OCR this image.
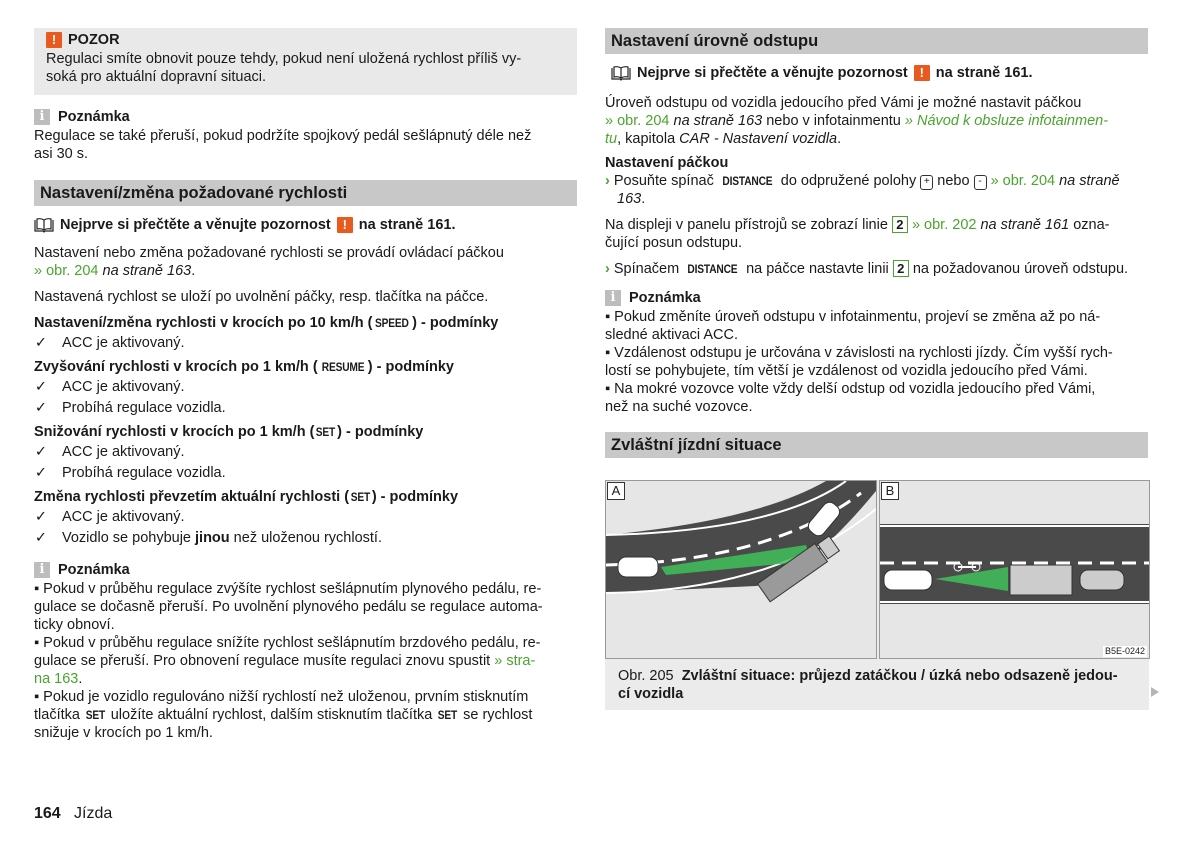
! POZOR

Regulaci smíte obnovit pouze tehdy, pokud není uložená rychlost příliš vy-

soká pro aktuální dopravní situaci.

i Poznámka

Regulace se také přeruší, pokud podržíte spojkový pedál sešlápnutý déle než

asi 30 s.

Nastavení/změna požadované rychlosti
Nejprve si přečtěte a věnujte pozornost ! na straně 161.

Nastavení nebo změna požadované rychlosti se provádí ovládací páčkou
» obr. 204 na straně 163.

Nastavená rychlost se uloží po uvolnění páčky, resp. tlačítka na páčce.

Nastavení/změna rychlosti v krocích po 10 km/h ( SPEED ) - podmínky

✓ ACC je aktivovaný.

Zvyšování rychlosti v krocích po 1 km/h ( RESUME ) - podmínky

✓ ACC je aktivovaný.
✓ Probíhá regulace vozidla.

Snižování rychlosti v krocích po 1 km/h ( SET ) - podmínky

✓ ACC je aktivovaný.
✓ Probíhá regulace vozidla.

Změna rychlosti převzetím aktuální rychlosti ( SET ) - podmínky

✓ ACC je aktivovaný.
✓ Vozidlo se pohybuje jinou než uloženou rychlostí.
i Poznámka

▪ Pokud v průběhu regulace zvýšíte rychlost sešlápnutím plynového pedálu, re-

gulace se dočasně přeruší. Po uvolnění plynového pedálu se regulace automa-

ticky obnoví.

▪ Pokud v průběhu regulace snížíte rychlost sešlápnutím brzdového pedálu, re-

gulace se přeruší. Pro obnovení regulace musíte regulaci znovu spustit » stra-

na 163.

▪ Pokud je vozidlo regulováno nižší rychlostí než uloženou, prvním stisknutím

tlačítka SET uložíte aktuální rychlost, dalším stisknutím tlačítka SET se rychlost

snižuje v krocích po 1 km/h.

Nastavení úrovně odstupu
Nejprve si přečtěte a věnujte pozornost ! na straně 161.

Úroveň odstupu od vozidla jedoucího před Vámi je možné nastavit páčkou
» obr. 204 na straně 163 nebo v infotainmentu » Návod k obsluze infotainmen-
tu, kapitola CAR - Nastavení vozidla.

Nastavení páčkou

› Posuňte spínač DISTANCE do odpružené polohy + nebo - » obr. 204 na straně
163.

Na displeji v panelu přístrojů se zobrazí linie 2 » obr. 202 na straně 161 ozna-
čující posun odstupu.

› Spínačem DISTANCE na páčce nastavte linii 2 na požadovanou úroveň odstupu.

i Poznámka

▪ Pokud změníte úroveň odstupu v infotainmentu, projeví se změna až po ná-

sledné aktivaci ACC.

▪ Vzdálenost odstupu je určována v závislosti na rychlosti jízdy. Čím vyšší rych-

lostí se pohybujete, tím větší je vzdálenost od vozidla jedoucího před Vámi.

▪ Na mokré vozovce volte vždy delší odstup od vozidla jedoucího před Vámi,

než na suché vozovce.

Zvláštní jízdní situace
A	B
B5E-0242
Obr. 205 Zvláštní situace: průjezd zatáčkou / úzká nebo odsazeně jedou-
cí vozidla
164 Jízda
